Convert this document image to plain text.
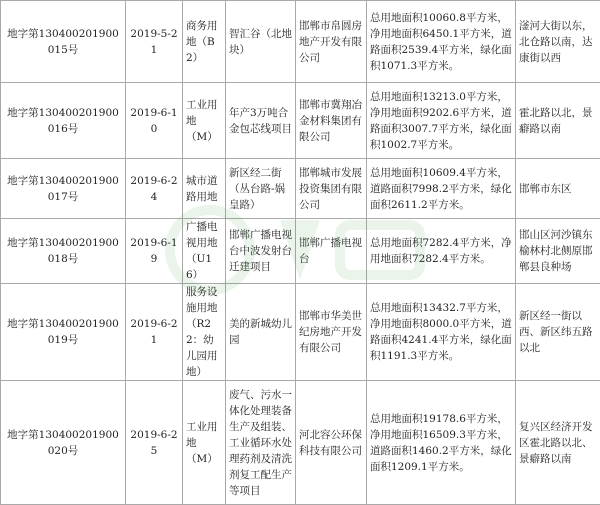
地字第130400201900015号	2019-5-21	商务用地（B2）	智汇谷（北地块）	邯郸市帛圆房地产开发有限公司	总用地面积10060.8平方米，净用地面积6450.1平方米，道路面积2539.4平方米，绿化面积1071.3平方米。	滏河大街以东，北仓路以南，达康街以西
地字第130400201900016号	2019-6-10	工业用地（M）	年产3万吨合金包芯线项目	邯郸市冀翔冶金材料集团有限公司	总用地面积13213.0平方米，净用地面积9202.6平方米，道路面积3007.7平方米，绿化面积1002.7平方米。	霍北路以北，景癖路以南
地字第130400201900017号	2019-6-24	城市道路用地	新区经二街（丛台路-娲皇路）	邯郸城市发展投资集团有限公司	总用地面积10609.4平方米，道路面积7998.2平方米，绿化面积2611.2平方米。	邯郸市东区
地字第130400201900018号	2019-6-19	广播电视用地（U16）	邯郸广播电视台中波发射台迁建项目	邯郸广播电视台	总用地面积7282.4平方米，净用地面积7282.4平方米。	邯山区河沙镇东榆林村北侧原邯郸县良种场
地字第130400201900019号	2019-6-21	服务设施用地（R22：幼儿园用地）	美的新城幼儿园	邯郸市华美世纪房地产开发有限公司	总用地面积13432.7平方米，净用地面积8000.0平方米，道路面积4241.4平方米，绿化面积1191.3平方米。	新区经一街以西、新区纬五路以北
地字第130400201900020号	2019-6-25	工业用地（M）	废气、污水一体化处理装备生产及组装、工业循环水处理药剂及清洗剂复工配生产等项目	河北容公环保科技有限公司	总用地面积19178.6平方米，净用地面积16509.3平方米，道路面积1460.2平方米，绿化面积1209.1平方米。	复兴区经济开发区霍北路以北、景癖路以南
